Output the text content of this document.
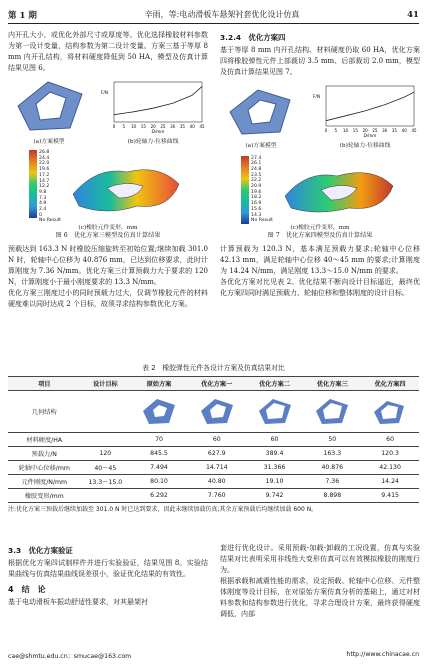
第 1 期	辛雨，等:电动滑板车悬架衬套优化设计仿真	41

内开孔大小，或优化外部尺寸或厚度等。优化选择橡胶材料参数为第一设计变量，结构参数为第二设计变量。方案三基于等厚 8 mm 内开孔结构，将材料硬度降低到 50 HA，模型及仿真计算结果见图 6。

(a)方案模型
0 5 10 15 20 25 30 35 40 45
F/N
D/mm
(b)轮轴力-位移曲线
26.8
24.4
22.0
19.6
17.2
14.7
12.2
9.8
7.3
4.9
2.4
0
No Result
(c)橡胶元件变形，mm
图 6　优化方案三模型及仿真计算结果

预载达到 163.3 N 时橡胶压缩旋转至初始位置;继续加载 301.0 N 时，轮轴中心位移为 40.876 mm，已达到位移要求，此时计算刚度为 7.36 N/mm。优化方案三计算预载力大于要求的 120 N，计算刚度小于最小刚度要求的 13.3 N/mm。

优化方案三刚度过小的同时预载力过大，仅调节橡胶元件的材料硬度难以同时达成 2 个目标，故须寻求结构参数优化方案。

3.2.4　优化方案四

基于等厚 8 mm 内开孔结构、材料硬度仍取 60 HA，优化方案四将橡胶弹性元件上部裁切 3.5 mm、后部裁切 2.0 mm，模型及仿真计算结果见图 7。

(a)方案模型
0 5 10 15 20 25 30 35 40 45
F/N
D/mm
(b)轮轴力-位移曲线
27.4
26.1
24.8
23.5
22.2
20.9
19.6
18.2
16.9
15.6
14.3
No Result
(c)橡胶元件变形，mm
图 7　优化方案四模型及仿真计算结果

计算预载为 120.3 N，基本满足预载力要求;轮轴中心位移 42.13 mm，满足轮轴中心位移 40～45 mm 的要求;计算刚度为 14.24 N/mm，满足刚度 13.3～15.0 N/mm 的要求。

各优化方案对比见表 2。优化结果不断向设计目标逼近，最终优化方案四同时满足预载力、轮轴位移和整体刚度的设计目标。

表 2　橡胶弹性元件各设计方案及仿真结果对比
项目	设计目标	原始方案	优化方案一	优化方案二	优化方案三	优化方案四
几何结构						
材料硬度/HA		70	60	60	50	60
预载力/N	120	845.5	627.9	389.4	163.3	120.3
轮轴中心位移/mm	40～45	7.494	14.714	31.366	40.876	42.130
元件刚度/N/mm	13.3～15.0	80.10	40.80	19.10	7.36	14.24
橡胶变形/mm		6.292	7.760	9.742	8.898	9.415
注:优化方案三预载后继续加载至 301.0 N 时已达到要求，因此未继续加载仿真;其余方案预载后均继续加载 600 N。
3.3　优化方案验证

根据优化方案四试制样件并进行实验验证，结果见图 8。实验结果曲线与仿真结果曲线误差很小，验证优化结果的有效性。

4　结　论

基于电动滑板车振动舒适性要求，对其悬架衬

套进行优化设计。采用预载-加载-卸载的工况设置，仿真与实验结果对比表明采用非线性大变形仿真可以有效模拟橡胶的刚度行为。

根据承载和减震性能的需求，设定预载、轮轴中心位移、元件整体刚度等设计目标，在对原始方案仿真分析的基础上，通过对材料参数和结构参数进行优化，寻求合理设计方案，最终获得硬度调低，内部

cae@shmtu.edu.cn；smucae@163.com	http://www.chinacae.cn
